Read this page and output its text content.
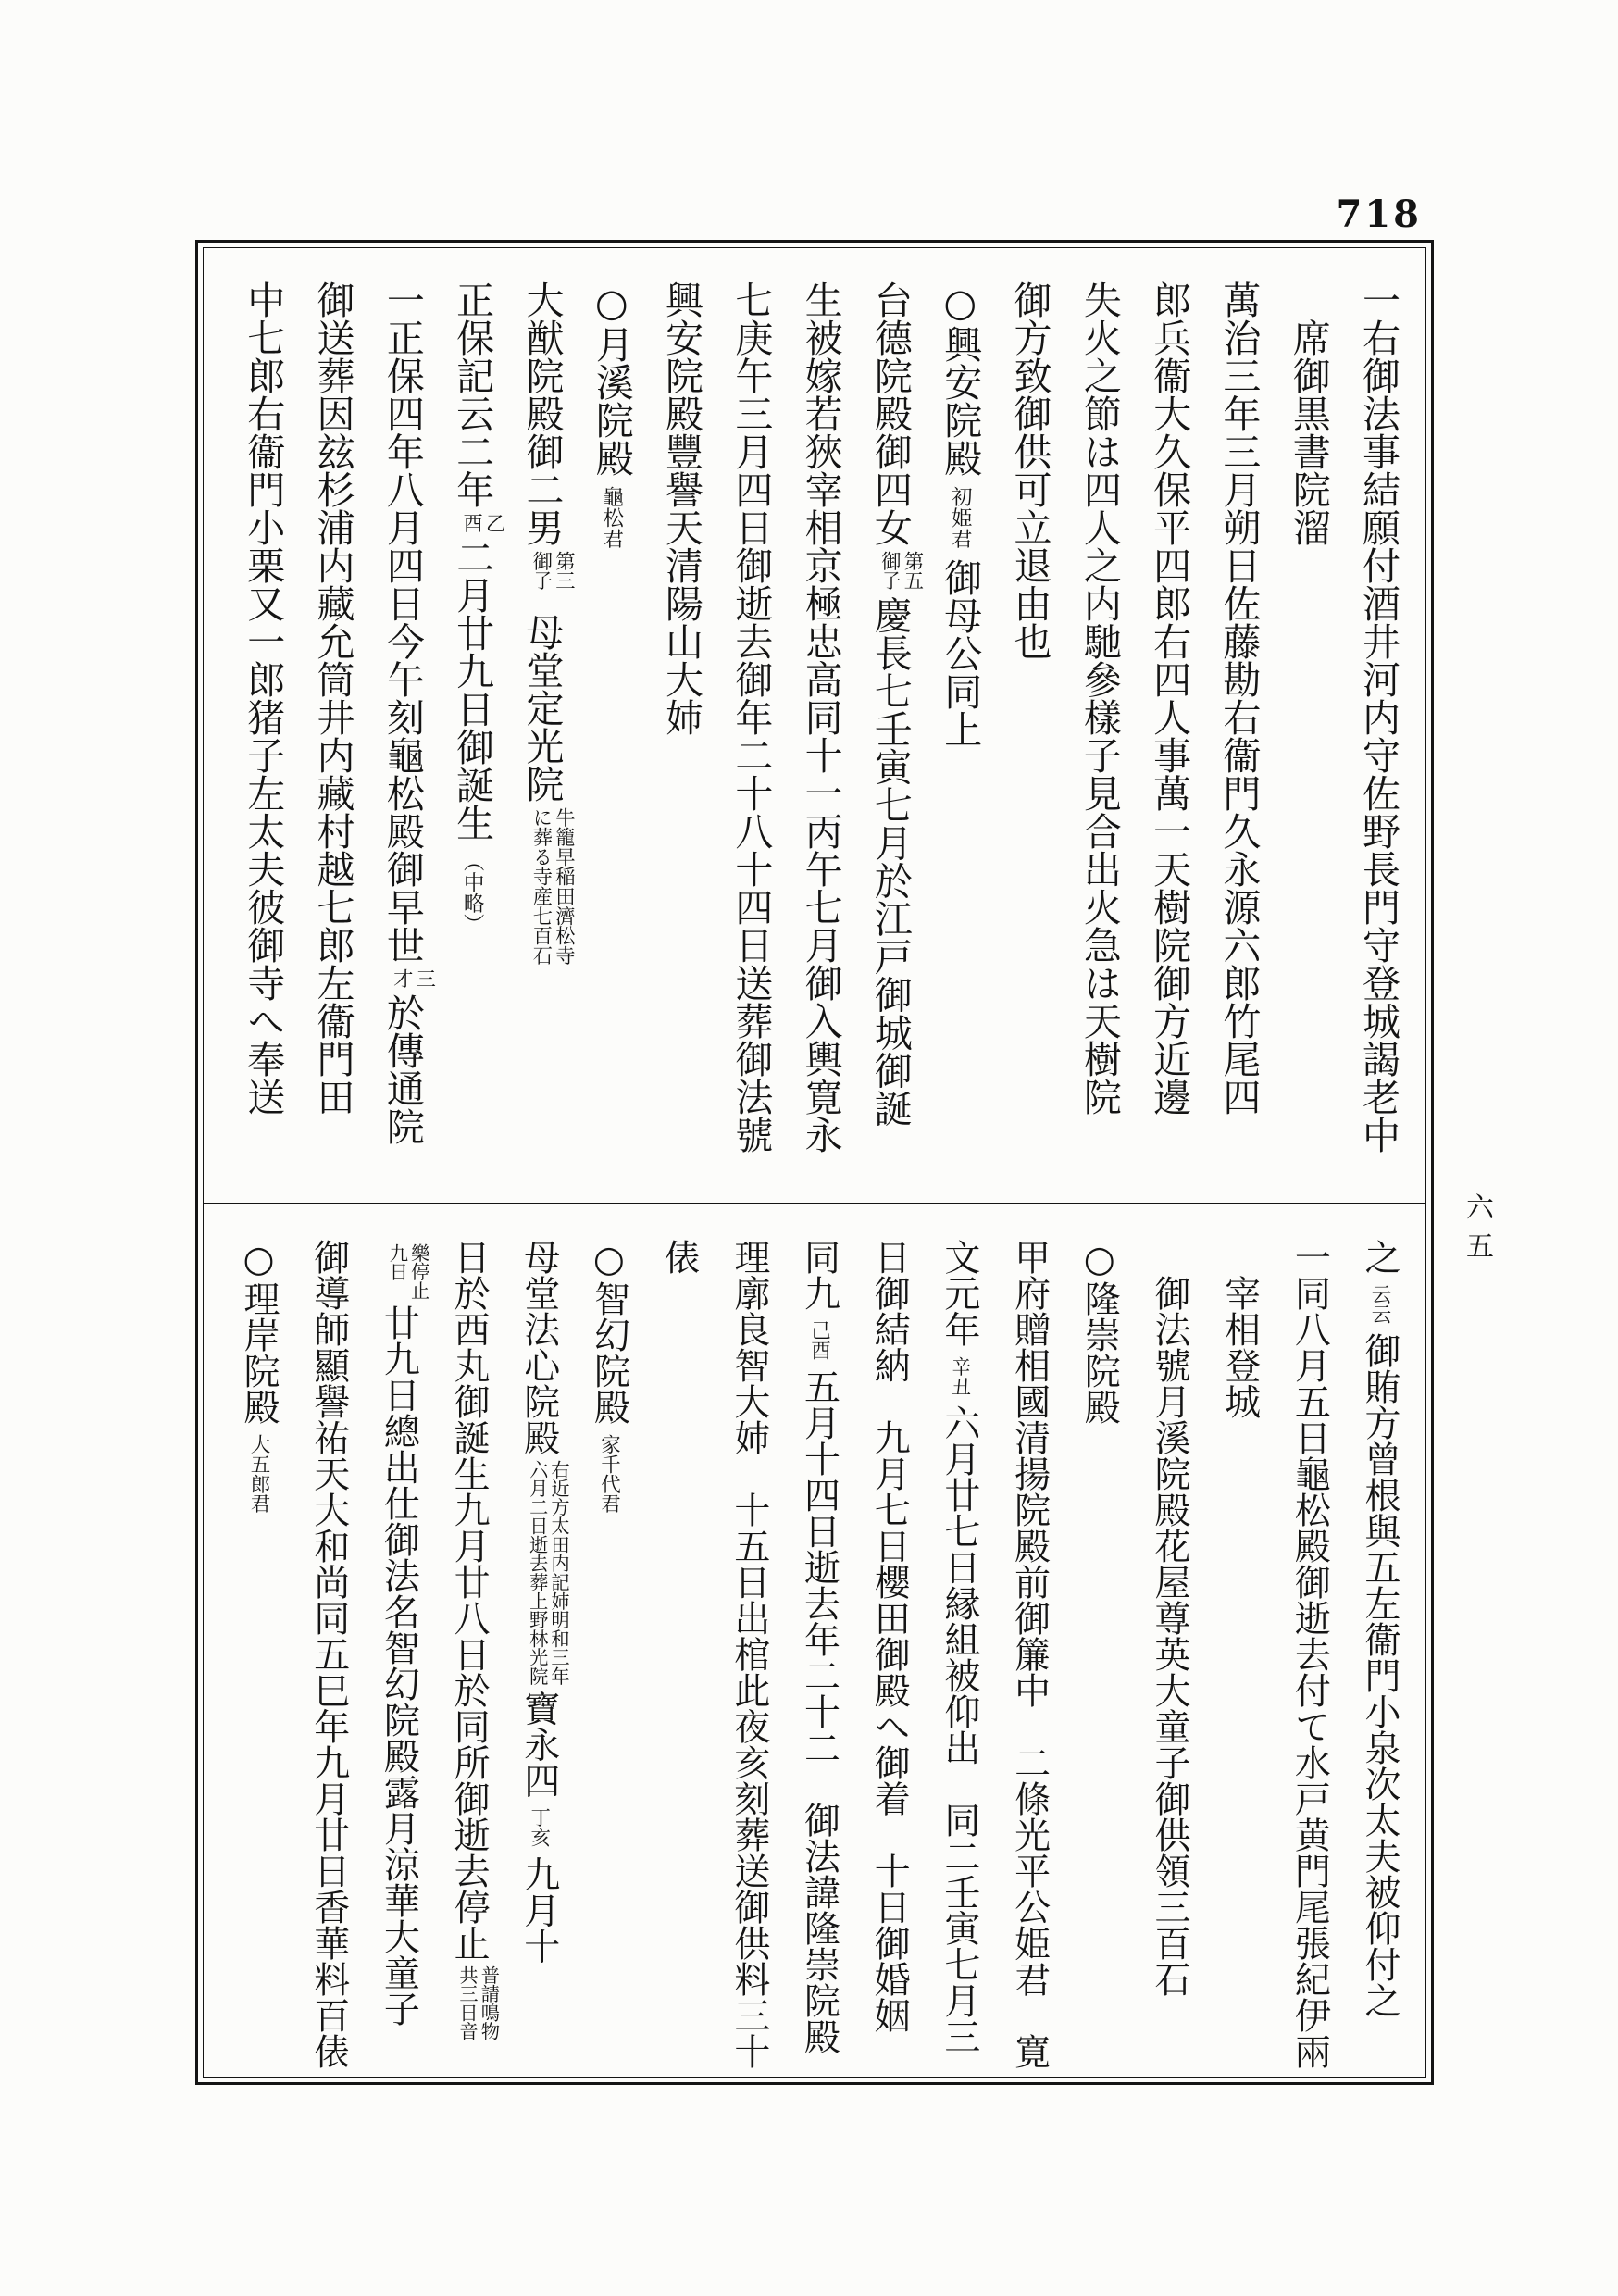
718
六五
一右御法事結願付酒井河内守佐野長門守登城謁老中
席御黒書院溜
萬治三年三月朔日佐藤勘右衞門久永源六郎竹尾四
郎兵衞大久保平四郎右四人事萬一天樹院御方近邊
失火之節は四人之内馳參樣子見合出火急は天樹院
御方致御供可立退由也
○興安院殿初姫君御母公同上
台德院殿御四女
第五
御子
慶長七壬寅七月於江戸御城御誕
生被嫁若狹宰相京極忠高同十一丙午七月御入輿寛永
七庚午三月四日御逝去御年二十八十四日送葬御法號
興安院殿豐譽天清陽山大姉
○月溪院殿龜松君
大猷院殿御二男
第三
御子
母堂定光院
牛籠早稲田濟松寺
に葬る寺産七百石
正保記云二年
乙
酉
二月廿九日御誕生（中略）
一正保四年八月四日今午刻龜松殿御早世
三
才
於傳通院
御送葬因玆杉浦内藏允筒井内藏村越七郎左衞門田
中七郎右衞門小栗又一郎猪子左太夫彼御寺へ奉送
之云云御賄方曾根與五左衞門小泉次太夫被仰付之
一同八月五日龜松殿御逝去付て水戸黄門尾張紀伊兩
宰相登城
御法號月溪院殿花屋尊英大童子御供領三百石
○隆崇院殿
甲府贈相國清揚院殿前御簾中　二條光平公姫君　寛
文元年辛丑六月廿七日縁組被仰出　同二壬寅七月三
日御結納　九月七日櫻田御殿へ御着　十日御婚姻
同九己酉五月十四日逝去年二十二　御法諱隆崇院殿
理廓良智大姉　十五日出棺此夜亥刻葬送御供料三十
俵
○智幻院殿家千代君
母堂法心院殿
右近方太田内記姉明和三年
六月二日逝去葬上野林光院
寶永四丁亥九月十
日於西丸御誕生九月廿八日於同所御逝去停止
普請鳴物
共三日音
樂停止
九日
廿九日總出仕御法名智幻院殿露月涼華大童子
御導師顯譽祐天大和尚同五巳年九月廿日香華料百俵
○理岸院殿大五郎君
